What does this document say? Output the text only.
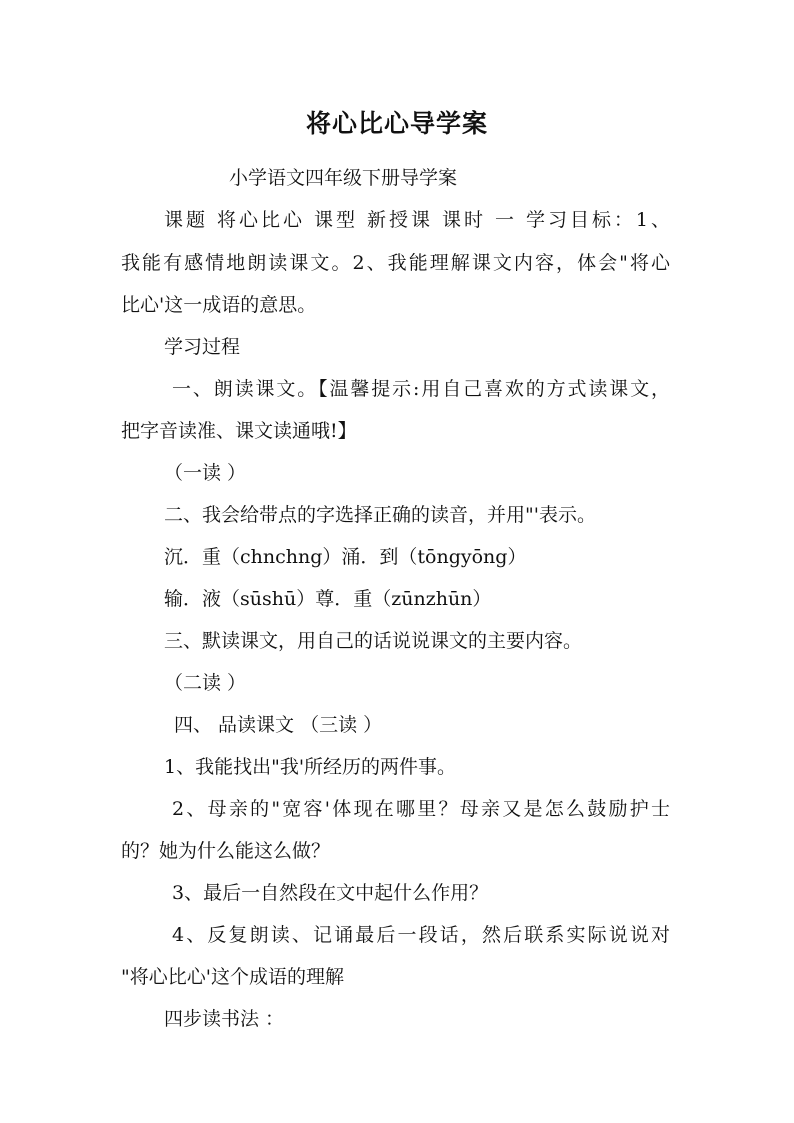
将心比心导学案
小学语文四年级下册导学案
课题 将心比心 课型 新授课 课时 一 学习目标：1、
我能有感情地朗读课文。2、我能理解课文内容，体会"将心
比心'这一成语的意思。
学习过程
一、朗读课文。【温馨提示:用自己喜欢的方式读课文，
把字音读准、课文读通哦!】
（一读 ）
二、我会给带点的字选择正确的读音，并用"'表示。
沉．重（chnchng）涌．到（tōngyōng）
输．液（sūshū）尊．重（zūnzhūn）
三、默读课文，用自己的话说说课文的主要内容。
（二读 ）
四、 品读课文 （三读 ）
1、我能找出"我'所经历的两件事。
2、母亲的"宽容'体现在哪里？母亲又是怎么鼓励护士
的？她为什么能这么做？
3、最后一自然段在文中起什么作用？
4、反复朗读、记诵最后一段话，然后联系实际说说对
"将心比心'这个成语的理解
四步读书法 ：
